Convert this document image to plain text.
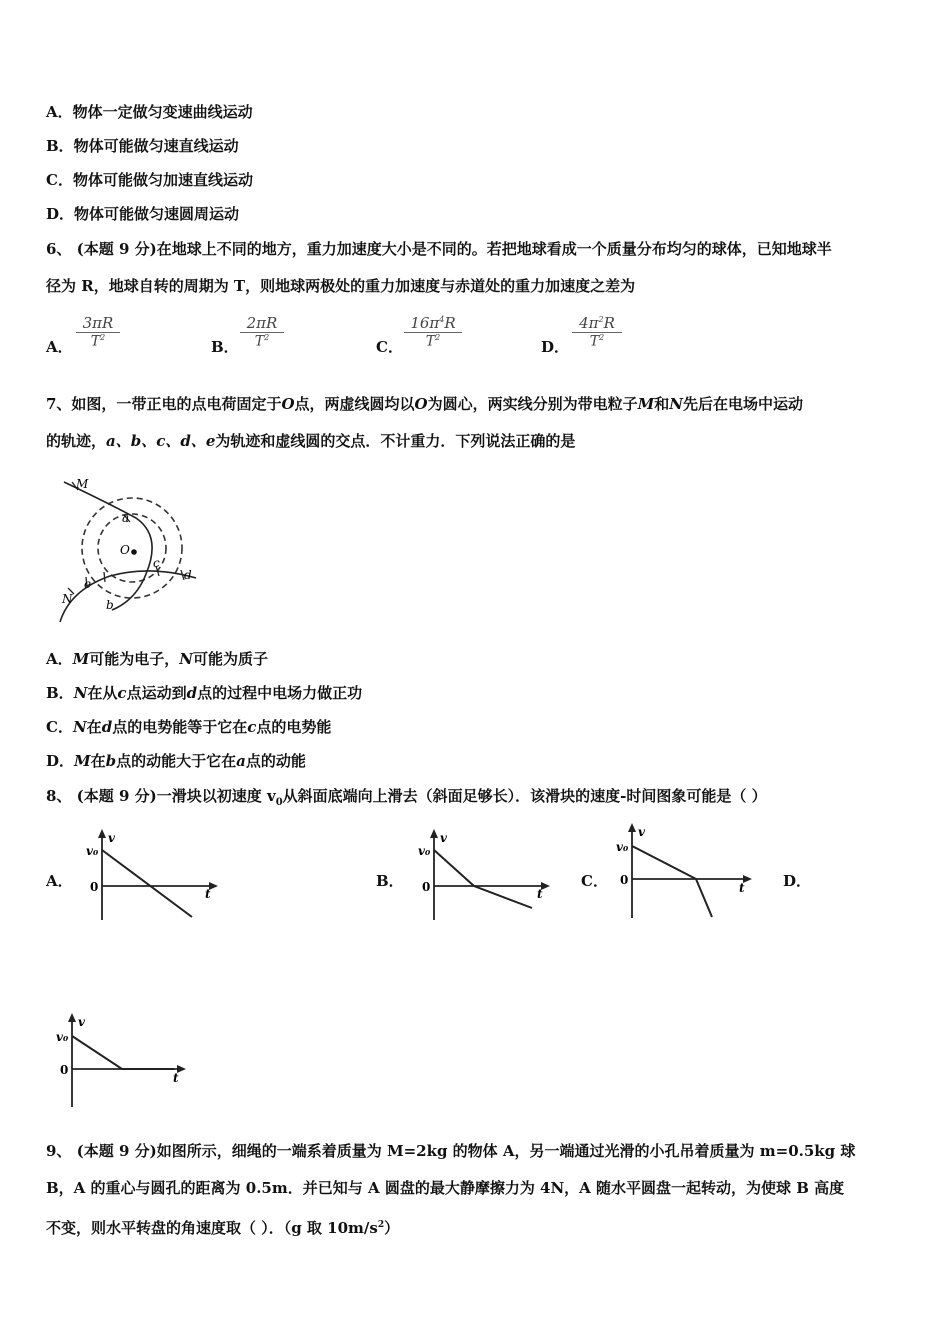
A．物体一定做匀变速曲线运动
B．物体可能做匀速直线运动
C．物体可能做匀加速直线运动
D．物体可能做匀速圆周运动
6、 (本题 9 分)在地球上不同的地方，重力加速度大小是不同的。若把地球看成一个质量分布均匀的球体，已知地球半
径为 R，地球自转的周期为 T，则地球两极处的重力加速度与赤道处的重力加速度之差为
A． $\frac{3\pi R}{T^2}$	B． $\frac{2\pi R}{T^2}$	C． $\frac{16\pi^4R}{T^2}$	D． $\frac{4\pi^2R}{T^2}$
7、如图，一带正电的点电荷固定于O点，两虚线圆均以O为圆心，两实线分别为带电粒子M和N先后在电场中运动
的轨迹，a、b、c、d、e为轨迹和虚线圆的交点．不计重力．下列说法正确的是
M
N
O
a
b
c
d
e
A．M可能为电子，N可能为质子
B．N在从c点运动到d点的过程中电场力做正功
C．N在d点的电势能等于它在c点的电势能
D．M在b点的动能大于它在a点的动能
8、 (本题 9 分)一滑块以初速度 $v_0$从斜面底端向上滑去（斜面足够长）．该滑块的速度-时间图象可能是（ ）
A．
v
v₀
0	t
B．
v
v₀
0	t
C．
v
v₀
0
t	D．
v
v₀
0
t
9、 (本题 9 分)如图所示，细绳的一端系着质量为 M=2kg 的物体 A，另一端通过光滑的小孔吊着质量为 m=0.5kg 球
B，A 的重心与圆孔的距离为 0.5m．并已知与 A 圆盘的最大静摩擦力为 4N，A 随水平圆盘一起转动，为使球 B 高度
不变，则水平转盘的角速度取（ ）．（g 取 $10m/s^2$）
